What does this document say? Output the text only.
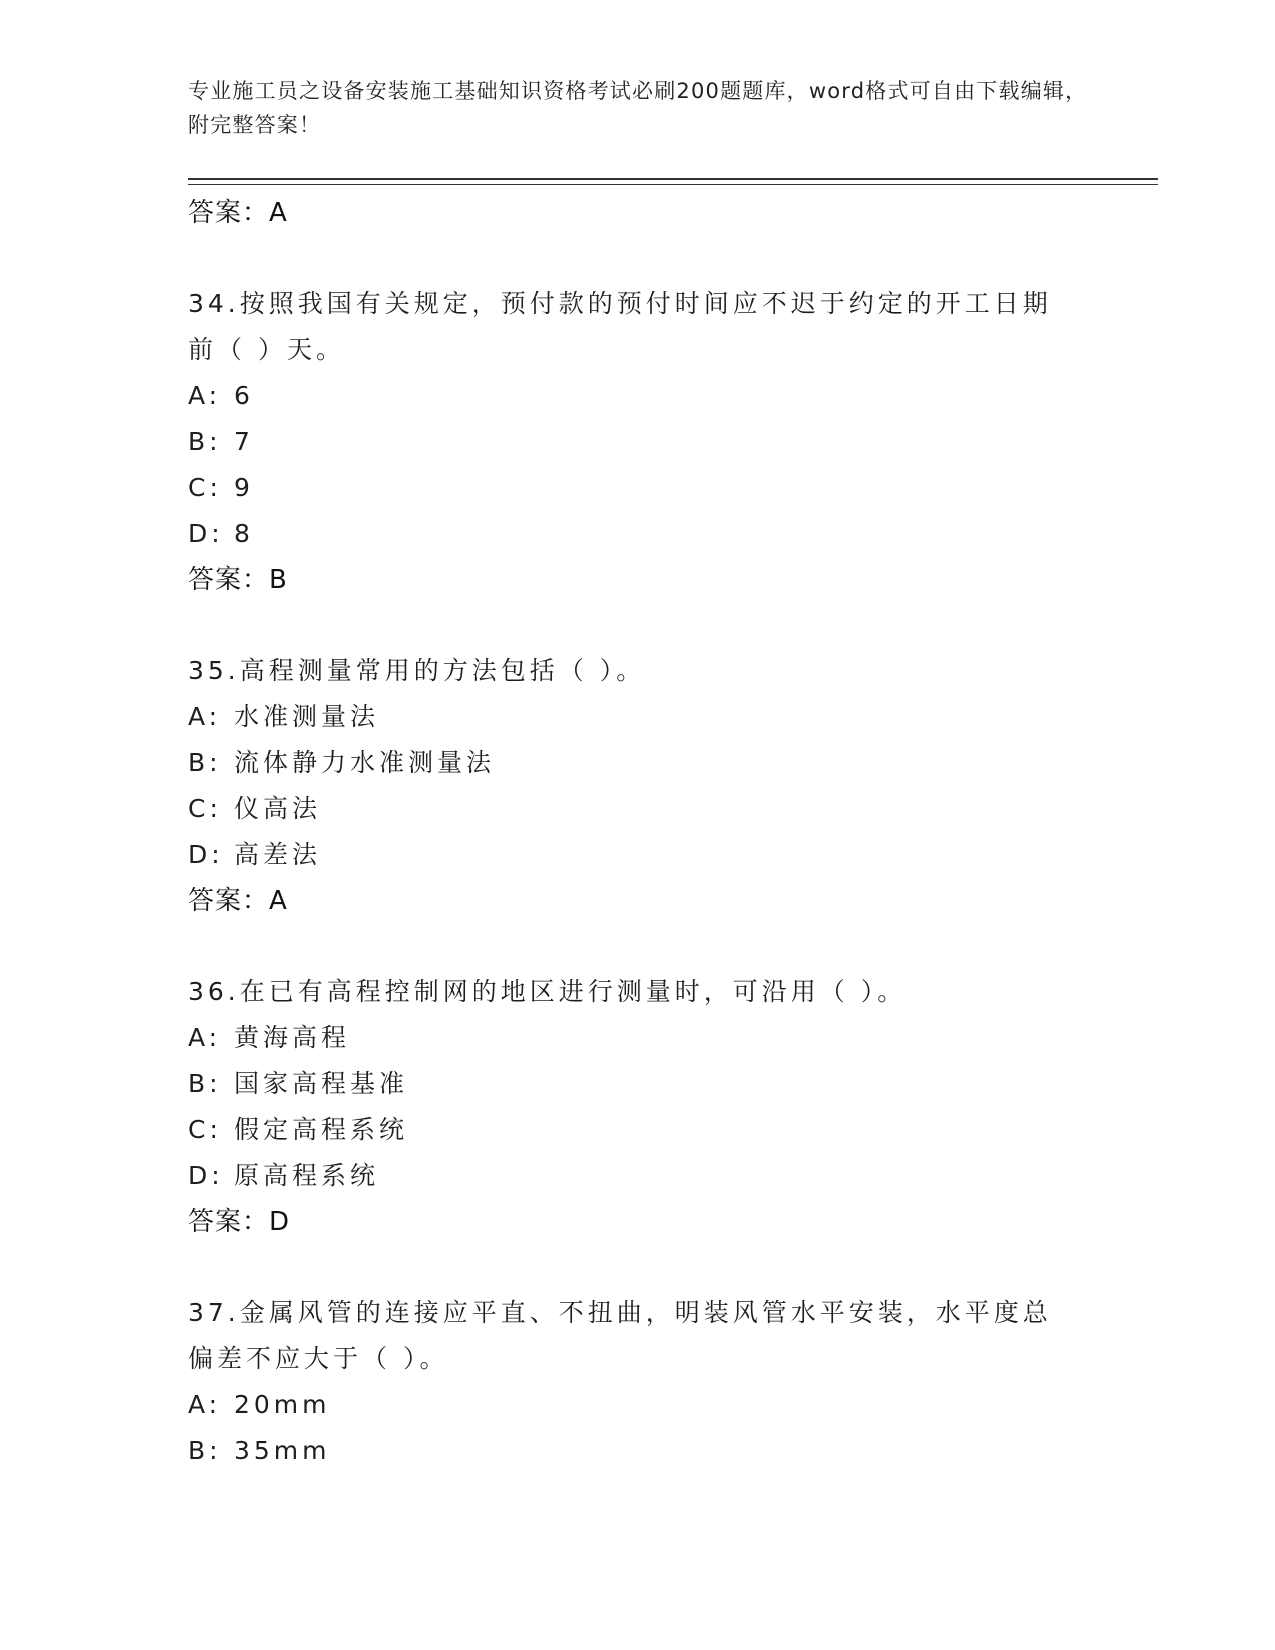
专业施工员之设备安装施工基础知识资格考试必刷200题题库，word格式可自由下载编辑，附完整答案！
答案：A
34.按照我国有关规定，预付款的预付时间应不迟于约定的开工日期前（ ）天。
A: 6
B: 7
C: 9
D: 8
答案：B
35.高程测量常用的方法包括（ ）。
A: 水准测量法
B: 流体静力水准测量法
C: 仪高法
D: 高差法
答案：A
36.在已有高程控制网的地区进行测量时，可沿用（ ）。
A: 黄海高程
B: 国家高程基准
C: 假定高程系统
D: 原高程系统
答案：D
37.金属风管的连接应平直、不扭曲，明装风管水平安装，水平度总偏差不应大于（ ）。
A: 20mm
B: 35mm
